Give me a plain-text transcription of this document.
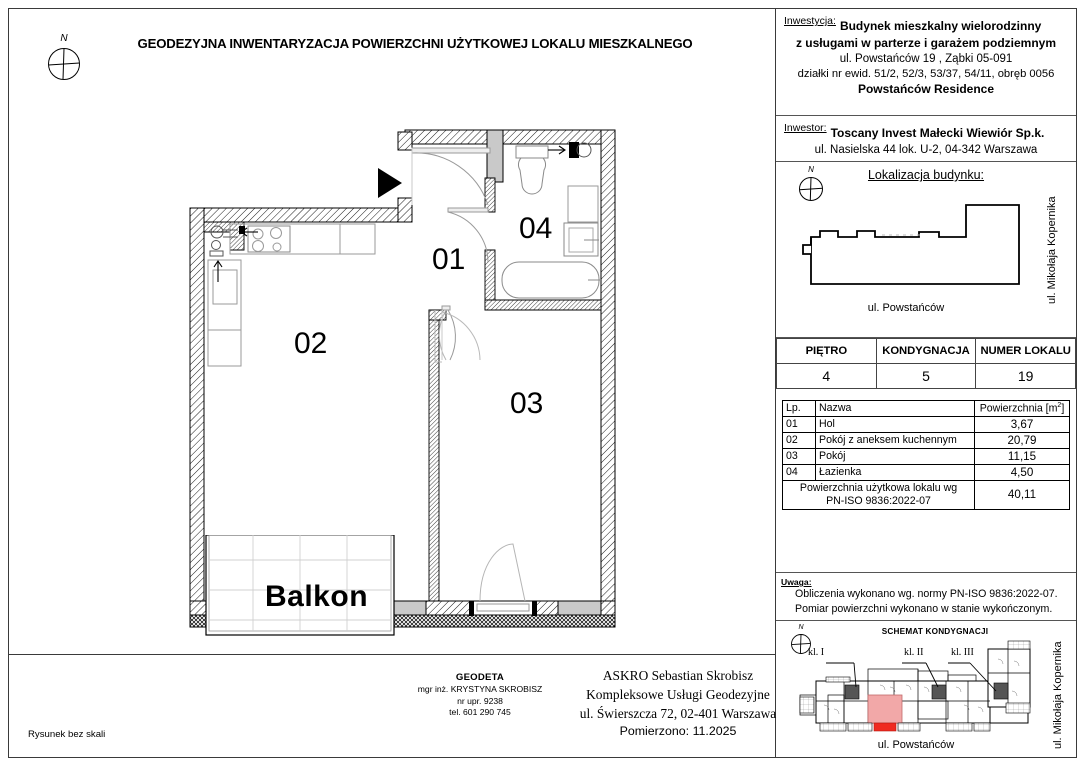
N	GEODEZYJNA INWENTARYZACJA POWIERZCHNI UŻYTKOWEJ LOKALU MIESZKALNEGO
02
01
04
03
Balkon
Inwestycja: Budynek mieszkalny wielorodzinny
z usługami w parterze i garażem podziemnym
ul. Powstańców 19 , Ząbki 05-091
działki nr ewid. 51/2, 52/3, 53/37, 54/11, obręb 0056
Powstańców Residence
Inwestor: Toscany Invest Małecki Wiewiór Sp.k.
ul. Nasielska 44 lok. U-2, 04-342 Warszawa
Lokalizacja budynku:
N
ul. Powstańców
ul. Mikołaja Kopernika
PIĘTRO	KONDYGNACJA	NUMER LOKALU
4	5	19
Lp.	Nazwa	Powierzchnia $[m^2]$
01	Hol	3,67
02	Pokój z aneksem kuchennym	20,79
03	Pokój	11,15
04	Łazienka	4,50
Powierzchnia użytkowa lokalu wg
PN-ISO 9836:2022-07		40,11
Uwaga:
Obliczenia wykonano wg. normy PN-ISO 9836:2022-07.
Pomiar powierzchni wykonano w stanie wykończonym.
SCHEMAT KONDYGNACJI
N
kl. I	kl. II	kl. III
ul. Powstańców	ul. Mikołaja Kopernika
GEODETA
mgr inż. KRYSTYNA SKROBISZ
nr upr. 9238
tel. 601 290 745
ASKRO Sebastian Skrobisz
Kompleksowe Usługi Geodezyjne
ul. Świerszcza 72, 02-401 Warszawa
Pomierzono: 11.2025
Rysunek bez skali
